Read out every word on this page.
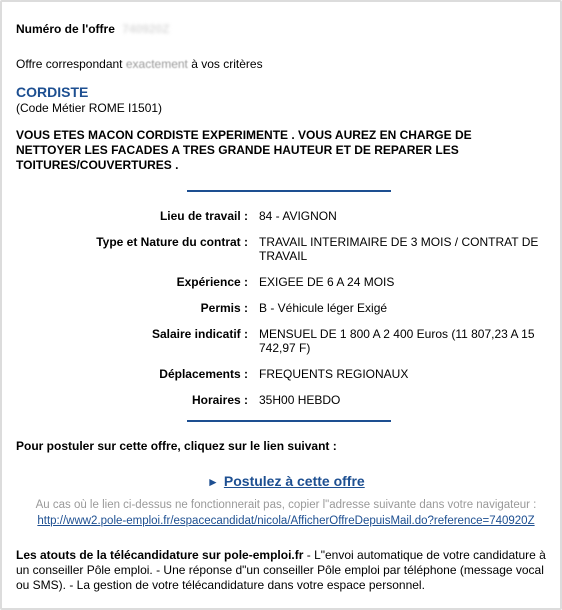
Numéro de l'offre 740920Z
Offre correspondant exactement à vos critères
CORDISTE
(Code Métier ROME I1501)
VOUS ETES MACON CORDISTE EXPERIMENTE . VOUS AUREZ EN CHARGE DE NETTOYER LES FACADES A TRES GRANDE HAUTEUR ET DE REPARER LES TOITURES/COUVERTURES .
Lieu de travail : 84 - AVIGNON
Type et Nature du contrat : TRAVAIL INTERIMAIRE DE 3 MOIS / CONTRAT DE TRAVAIL
Expérience : EXIGEE DE 6 A 24 MOIS
Permis : B - Véhicule léger Exigé
Salaire indicatif : MENSUEL DE 1 800 A 2 400 Euros (11 807,23 A 15 742,97 F)
Déplacements : FREQUENTS REGIONAUX
Horaires : 35H00 HEBDO
Pour postuler sur cette offre, cliquez sur le lien suivant :
► Postulez à cette offre
Au cas où le lien ci-dessus ne fonctionnerait pas, copier l"adresse suivante dans votre navigateur :
http://www2.pole-emploi.fr/espacecandidat/nicola/AfficherOffreDepuisMail.do?reference=740920Z
Les atouts de la télécandidature sur pole-emploi.fr - L"envoi automatique de votre candidature à un conseiller Pôle emploi. - Une réponse d"un conseiller Pôle emploi par téléphone (message vocal ou SMS). - La gestion de votre télécandidature dans votre espace personnel.
